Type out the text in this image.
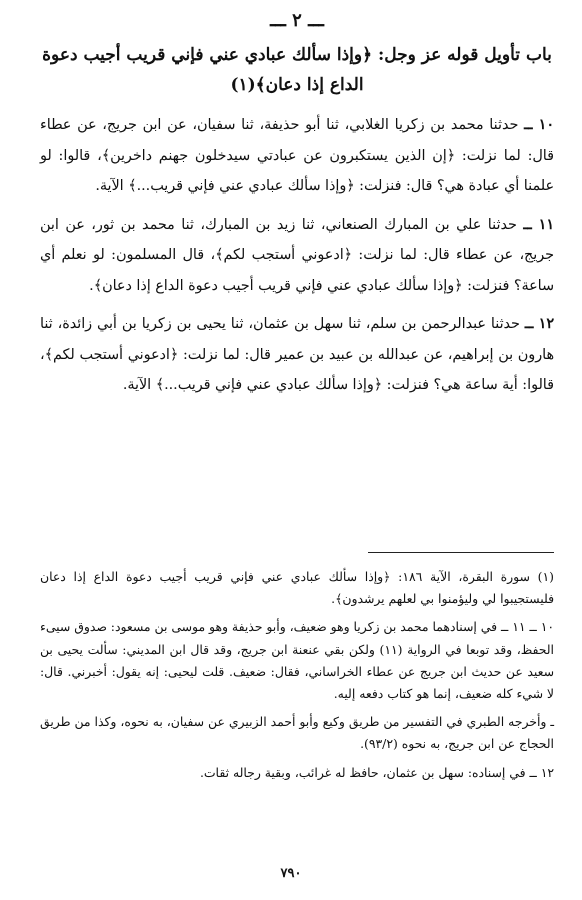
ـــ ٢ ـــ
باب تأويل قوله عز وجل: ﴿وإذا سألك عبادي عني فإني قريب أجيب دعوة الداع إذا دعان﴾(١)

١٠ ــ حدثنا محمد بن زكريا الغلابي، ثنا أبو حذيفة، ثنا سفيان، عن ابن جريج، عن عطاء قال: لما نزلت: ﴿إن الذين يستكبرون عن عبادتي سيدخلون جهنم داخرين﴾، قالوا: لو علمنا أي عبادة هي؟ قال: فنزلت: ﴿وإذا سألك عبادي عني فإني قريب...﴾ الآية.

١١ ــ حدثنا علي بن المبارك الصنعاني، ثنا زيد بن المبارك، ثنا محمد بن ثور، عن ابن جريج، عن عطاء قال: لما نزلت: ﴿ادعوني أستجب لكم﴾، قال المسلمون: لو نعلم أي ساعة؟ فنزلت: ﴿وإذا سألك عبادي عني فإني قريب أجيب دعوة الداع إذا دعان﴾.

١٢ ــ حدثنا عبدالرحمن بن سلم، ثنا سهل بن عثمان، ثنا يحيى بن زكريا بن أبي زائدة، ثنا هارون بن إبراهيم، عن عبدالله بن عبيد بن عمير قال: لما نزلت: ﴿ادعوني أستجب لكم﴾، قالوا: أية ساعة هي؟ فنزلت: ﴿وإذا سألك عبادي عني فإني قريب...﴾ الآية.

(١) سورة البقرة، الآية ١٨٦: ﴿وإذا سألك عبادي عني فإني قريب أجيب دعوة الداع إذا دعان فليستجيبوا لي وليؤمنوا بي لعلهم يرشدون﴾.

١٠ ــ ١١ ــ في إسنادهما محمد بن زكريا وهو ضعيف، وأبو حذيفة وهو موسى بن مسعود: صدوق سيىء الحفظ، وقد توبعا في الرواية (١١) ولكن بقي عنعنة ابن جريج، وقد قال ابن المديني: سألت يحيى بن سعيد عن حديث ابن جريج عن عطاء الخراساني، فقال: ضعيف. قلت ليحيى: إنه يقول: أخبرني. قال: لا شيء كله ضعيف، إنما هو كتاب دفعه إليه.

ـ وأخرجه الطبري في التفسير من طريق وكيع وأبو أحمد الزبيري عن سفيان، به نحوه، وكذا من طريق الحجاج عن ابن جريج، به نحوه (٩٣/٢).

١٢ ــ في إسناده: سهل بن عثمان، حافظ له غرائب، وبقية رجاله ثقات.

٧٩٠
